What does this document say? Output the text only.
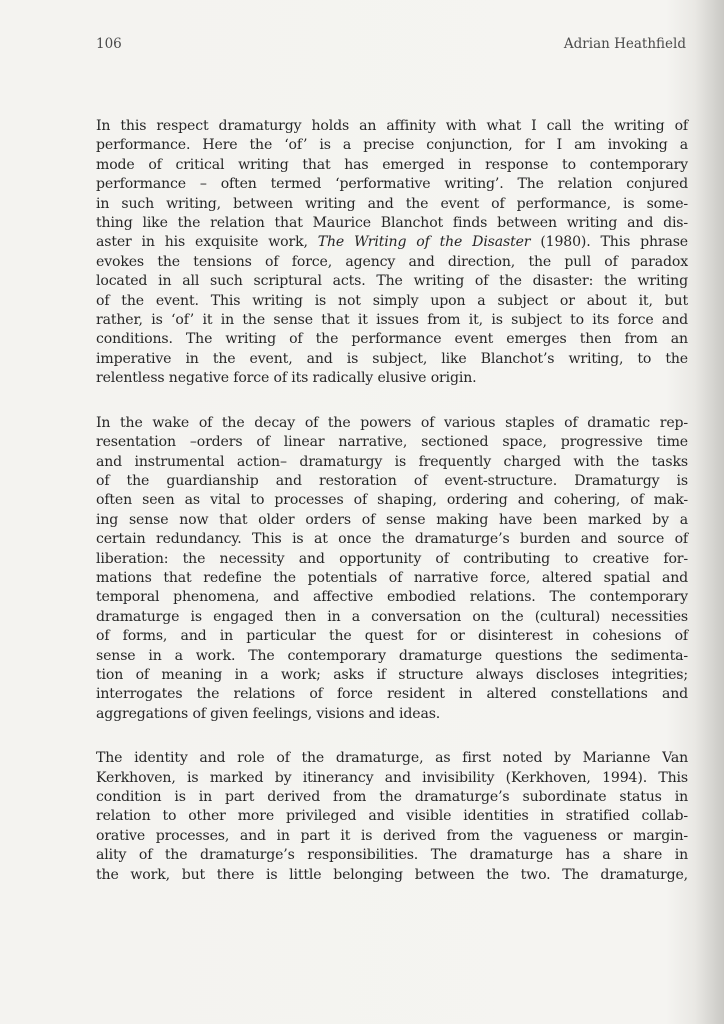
106	Adrian Heathfield
In this respect dramaturgy holds an affinity with what I call the writing of
performance. Here the ‘of’ is a precise conjunction, for I am invoking a
mode of critical writing that has emerged in response to contemporary
performance – often termed ‘performative writing’. The relation conjured
in such writing, between writing and the event of performance, is some-
thing like the relation that Maurice Blanchot finds between writing and dis-
aster in his exquisite work, The Writing of the Disaster (1980). This phrase
evokes the tensions of force, agency and direction, the pull of paradox
located in all such scriptural acts. The writing of the disaster: the writing
of the event. This writing is not simply upon a subject or about it, but
rather, is ‘of’ it in the sense that it issues from it, is subject to its force and
conditions. The writing of the performance event emerges then from an
imperative in the event, and is subject, like Blanchot’s writing, to the
relentless negative force of its radically elusive origin.
In the wake of the decay of the powers of various staples of dramatic rep-
resentation –orders of linear narrative, sectioned space, progressive time
and instrumental action– dramaturgy is frequently charged with the tasks
of the guardianship and restoration of event-structure. Dramaturgy is
often seen as vital to processes of shaping, ordering and cohering, of mak-
ing sense now that older orders of sense making have been marked by a
certain redundancy. This is at once the dramaturge’s burden and source of
liberation: the necessity and opportunity of contributing to creative for-
mations that redefine the potentials of narrative force, altered spatial and
temporal phenomena, and affective embodied relations. The contemporary
dramaturge is engaged then in a conversation on the (cultural) necessities
of forms, and in particular the quest for or disinterest in cohesions of
sense in a work. The contemporary dramaturge questions the sedimenta-
tion of meaning in a work; asks if structure always discloses integrities;
interrogates the relations of force resident in altered constellations and
aggregations of given feelings, visions and ideas.
The identity and role of the dramaturge, as first noted by Marianne Van
Kerkhoven, is marked by itinerancy and invisibility (Kerkhoven, 1994). This
condition is in part derived from the dramaturge’s subordinate status in
relation to other more privileged and visible identities in stratified collab-
orative processes, and in part it is derived from the vagueness or margin-
ality of the dramaturge’s responsibilities. The dramaturge has a share in
the work, but there is little belonging between the two. The dramaturge,
